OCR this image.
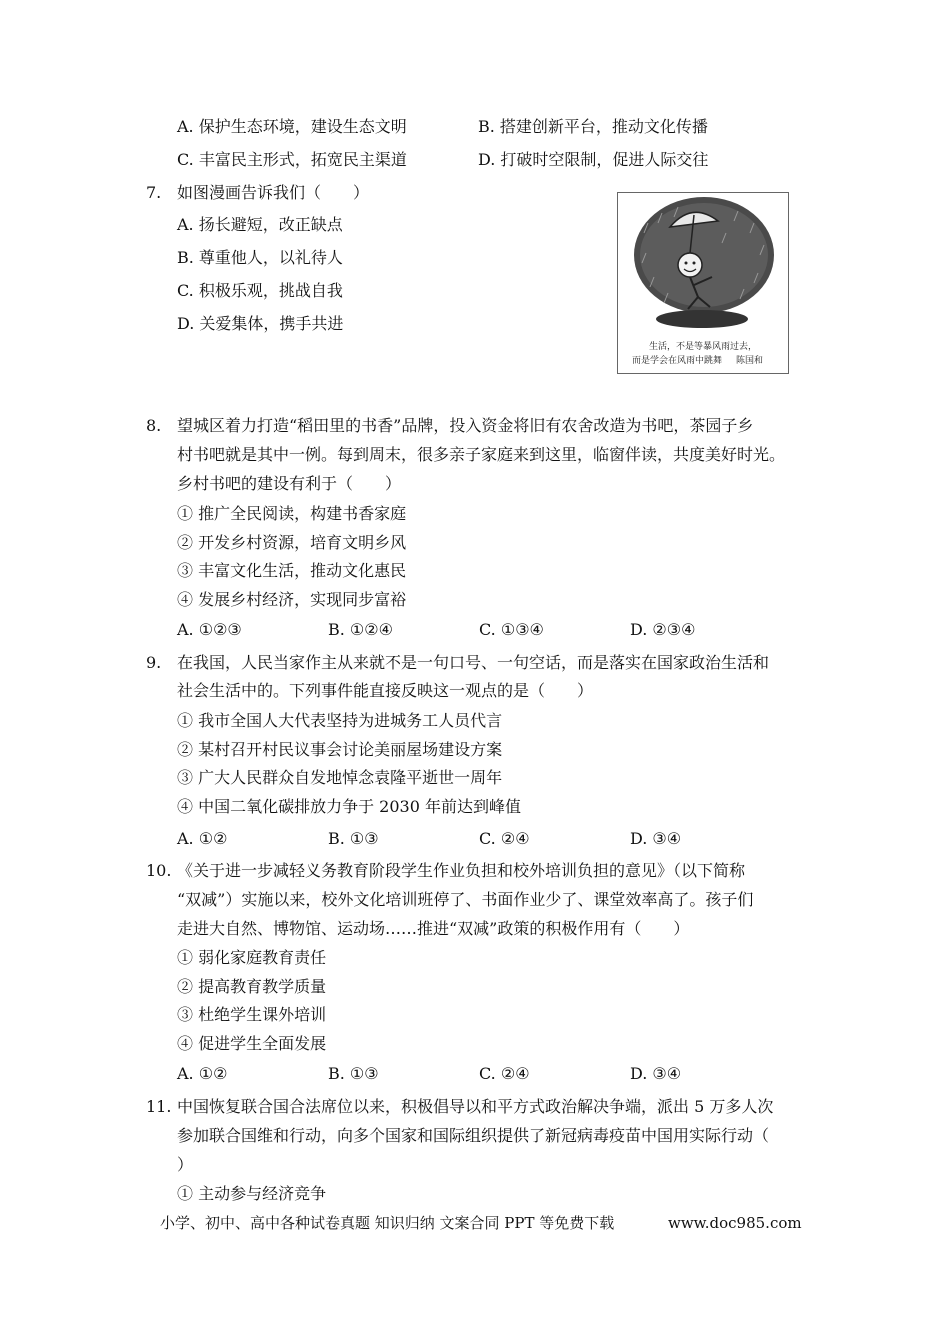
A. 保护生态环境，建设生态文明	B. 搭建创新平台，推动文化传播
C. 丰富民主形式，拓宽民主渠道	D. 打破时空限制，促进人际交往
7. 如图漫画告诉我们（　　）
A. 扬长避短，改正缺点
B. 尊重他人，以礼待人
C. 积极乐观，挑战自我
D. 关爱集体，携手共进
生活，不是等暴风雨过去，
而是学会在风雨中跳舞	陈国和
8. 望城区着力打造“稻田里的书香”品牌，投入资金将旧有农舍改造为书吧，茶园子乡
村书吧就是其中一例。每到周末，很多亲子家庭来到这里，临窗伴读，共度美好时光。
乡村书吧的建设有利于（　　）
① 推广全民阅读，构建书香家庭
② 开发乡村资源，培育文明乡风
③ 丰富文化生活，推动文化惠民
④ 发展乡村经济，实现同步富裕
A. ①②③	B. ①②④	C. ①③④	D. ②③④
9. 在我国，人民当家作主从来就不是一句口号、一句空话，而是落实在国家政治生活和
社会生活中的。下列事件能直接反映这一观点的是（　　）
① 我市全国人大代表坚持为进城务工人员代言
② 某村召开村民议事会讨论美丽屋场建设方案
③ 广大人民群众自发地悼念袁隆平逝世一周年
④ 中国二氧化碳排放力争于 2030 年前达到峰值
A. ①②	B. ①③	C. ②④	D. ③④
10. 《关于进一步减轻义务教育阶段学生作业负担和校外培训负担的意见》（以下简称
“双减”）实施以来，校外文化培训班停了、书面作业少了、课堂效率高了。孩子们
走进大自然、博物馆、运动场……推进“双减”政策的积极作用有（　　）
① 弱化家庭教育责任
② 提高教育教学质量
③ 杜绝学生课外培训
④ 促进学生全面发展
A. ①②	B. ①③	C. ②④	D. ③④
11. 中国恢复联合国合法席位以来，积极倡导以和平方式政治解决争端，派出 5 万多人次
参加联合国维和行动，向多个国家和国际组织提供了新冠病毒疫苗中国用实际行动（
）
① 主动参与经济竞争
小学、初中、高中各种试卷真题 知识归纳 文案合同 PPT 等免费下载	www.doc985.com
